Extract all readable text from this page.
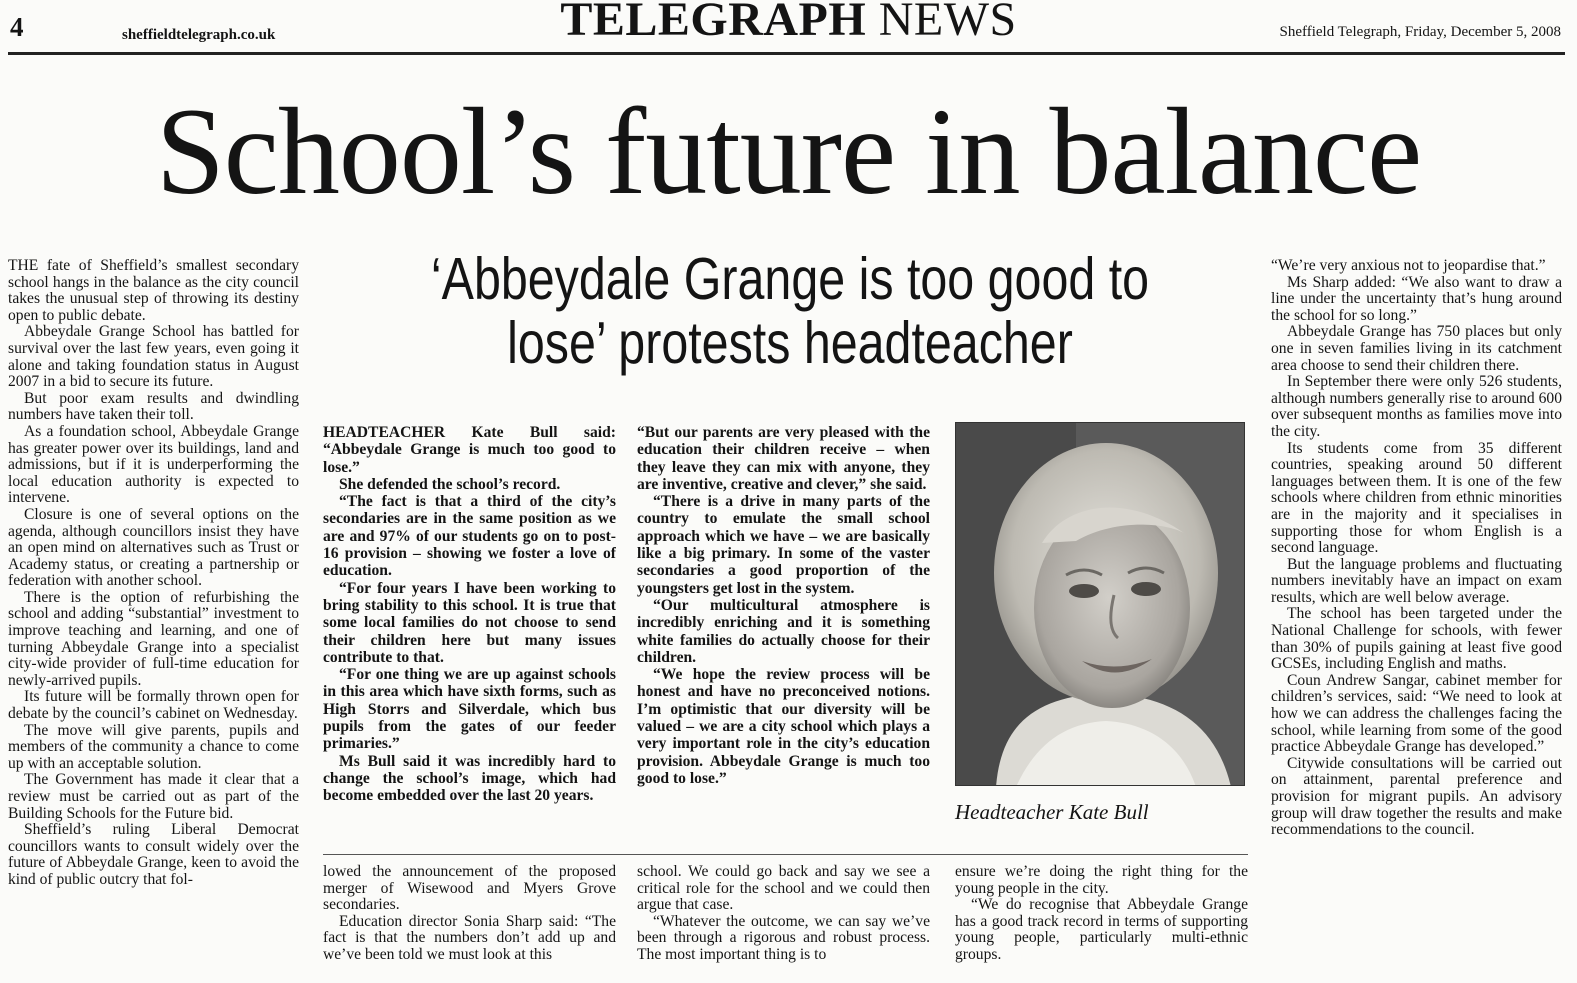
4	sheffieldtelegraph.co.uk	TELEGRAPH NEWS	Sheffield Telegraph, Friday, December 5, 2008
School’s future in balance
‘Abbeydale Grange is too good to lose’ protests headteacher

THE fate of Sheffield’s smallest secondary school hangs in the balance as the city council takes the unusual step of throwing its destiny open to public debate.

Abbeydale Grange School has battled for survival over the last few years, even going it alone and taking foundation status in August 2007 in a bid to secure its future.

But poor exam results and dwindling numbers have taken their toll.

As a foundation school, Abbeydale Grange has greater power over its buildings, land and admissions, but if it is underperforming the local education authority is expected to intervene.

Closure is one of several options on the agenda, although councillors insist they have an open mind on alternatives such as Trust or Academy status, or creating a partnership or federation with another school.

There is the option of refurbishing the school and adding “substantial” investment to improve teaching and learning, and one of turning Abbeydale Grange into a specialist city-wide provider of full-time education for newly-arrived pupils.

Its future will be formally thrown open for debate by the council’s cabinet on Wednesday.

The move will give parents, pupils and members of the community a chance to come up with an acceptable solution.

The Government has made it clear that a review must be carried out as part of the Building Schools for the Future bid.

Sheffield’s ruling Liberal Democrat councillors wants to consult widely over the future of Abbeydale Grange, keen to avoid the kind of public outcry that fol-

HEADTEACHER Kate Bull said: “Abbeydale Grange is much too good to lose.”

She defended the school’s record.

“The fact is that a third of the city’s secondaries are in the same position as we are and 97% of our students go on to post-16 provision – showing we foster a love of education.

“For four years I have been working to bring stability to this school. It is true that some local families do not choose to send their children here but many issues contribute to that.

“For one thing we are up against schools in this area which have sixth forms, such as High Storrs and Silverdale, which bus pupils from the gates of our feeder primaries.”

Ms Bull said it was incredibly hard to change the school’s image, which had become embedded over the last 20 years.

“But our parents are very pleased with the education their children receive – when they leave they can mix with anyone, they are inventive, creative and clever,” she said.

“There is a drive in many parts of the country to emulate the small school approach which we have – we are basically like a big primary. In some of the vaster secondaries a good proportion of the youngsters get lost in the system.

“Our multicultural atmosphere is incredibly enriching and it is something white families do actually choose for their children.

“We hope the review process will be honest and have no preconceived notions. I’m optimistic that our diversity will be valued – we are a city school which plays a very important role in the city’s education provision. Abbeydale Grange is much too good to lose.”

Headteacher Kate Bull

lowed the announcement of the proposed merger of Wisewood and Myers Grove secondaries.

Education director Sonia Sharp said: “The fact is that the numbers don’t add up and we’ve been told we must look at this

school. We could go back and say we see a critical role for the school and we could then argue that case.

“Whatever the outcome, we can say we’ve been through a rigorous and robust process. The most important thing is to

ensure we’re doing the right thing for the young people in the city.

“We do recognise that Abbeydale Grange has a good track record in terms of supporting young people, particularly multi-ethnic groups.

“We’re very anxious not to jeopardise that.”

Ms Sharp added: “We also want to draw a line under the uncertainty that’s hung around the school for so long.”

Abbeydale Grange has 750 places but only one in seven families living in its catchment area choose to send their children there.

In September there were only 526 students, although numbers generally rise to around 600 over subsequent months as families move into the city.

Its students come from 35 different countries, speaking around 50 different languages between them. It is one of the few schools where children from ethnic minorities are in the majority and it specialises in supporting those for whom English is a second language.

But the language problems and fluctuating numbers inevitably have an impact on exam results, which are well below average.

The school has been targeted under the National Challenge for schools, with fewer than 30% of pupils gaining at least five good GCSEs, including English and maths.

Coun Andrew Sangar, cabinet member for children’s services, said: “We need to look at how we can address the challenges facing the school, while learning from some of the good practice Abbeydale Grange has developed.”

Citywide consultations will be carried out on attainment, parental preference and provision for migrant pupils. An advisory group will draw together the results and make recommendations to the council.
